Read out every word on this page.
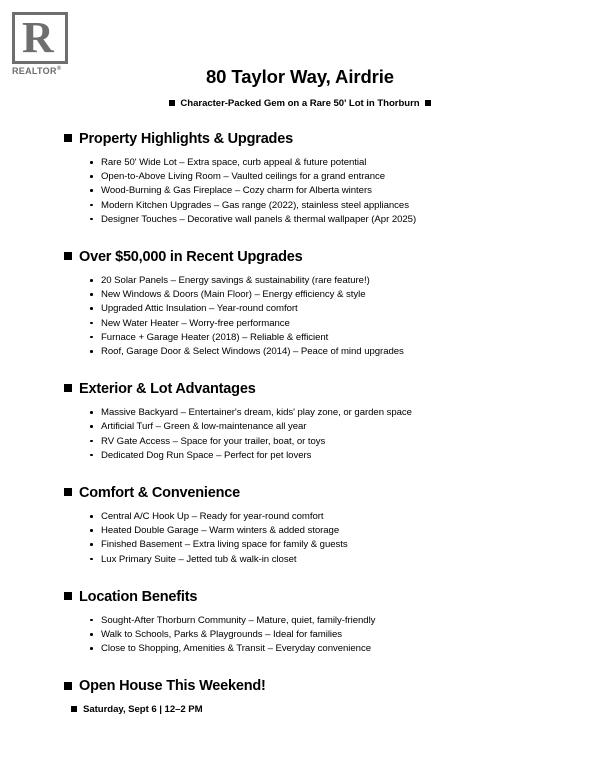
R
REALTOR®	80 Taylor Way, Airdrie
Character-Packed Gem on a Rare 50' Lot in Thorburn
Property Highlights & Upgrades
Rare 50' Wide Lot – Extra space, curb appeal & future potential
Open-to-Above Living Room – Vaulted ceilings for a grand entrance
Wood-Burning & Gas Fireplace – Cozy charm for Alberta winters
Modern Kitchen Upgrades – Gas range (2022), stainless steel appliances
Designer Touches – Decorative wall panels & thermal wallpaper (Apr 2025)
Over $50,000 in Recent Upgrades
20 Solar Panels – Energy savings & sustainability (rare feature!)
New Windows & Doors (Main Floor) – Energy efficiency & style
Upgraded Attic Insulation – Year-round comfort
New Water Heater – Worry-free performance
Furnace + Garage Heater (2018) – Reliable & efficient
Roof, Garage Door & Select Windows (2014) – Peace of mind upgrades
Exterior & Lot Advantages
Massive Backyard – Entertainer's dream, kids' play zone, or garden space
Artificial Turf – Green & low-maintenance all year
RV Gate Access – Space for your trailer, boat, or toys
Dedicated Dog Run Space – Perfect for pet lovers
Comfort & Convenience
Central A/C Hook Up – Ready for year-round comfort
Heated Double Garage – Warm winters & added storage
Finished Basement – Extra living space for family & guests
Lux Primary Suite – Jetted tub & walk-in closet
Location Benefits
Sought-After Thorburn Community – Mature, quiet, family-friendly
Walk to Schools, Parks & Playgrounds – Ideal for families
Close to Shopping, Amenities & Transit – Everyday convenience
Open House This Weekend!
Saturday, Sept 6 | 12–2 PM
